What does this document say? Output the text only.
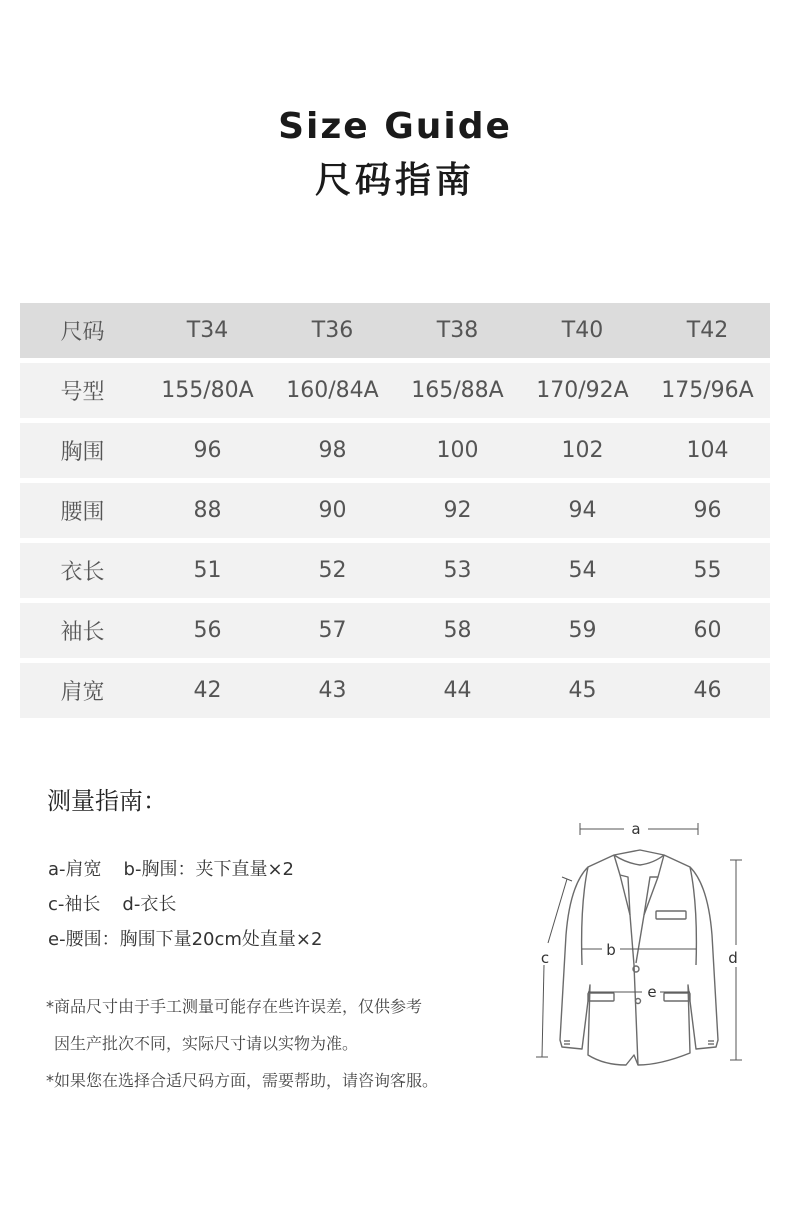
Size Guide
尺码指南
尺码	T34	T36	T38	T40	T42
号型	155/80A	160/84A	165/88A	170/92A	175/96A
胸围	96	98	100	102	104
腰围	88	90	92	94	96
衣长	51	52	53	54	55
袖长	56	57	58	59	60
肩宽	42	43	44	45	46
测量指南：
a-肩宽 b-胸围：夹下直量×2
c-袖长 d-衣长
e-腰围：胸围下量20cm处直量×2
*商品尺寸由于手工测量可能存在些许误差，仅供参考
因生产批次不同，实际尺寸请以实物为准。
*如果您在选择合适尺码方面，需要帮助，请咨询客服。
a
d
c	b
e
